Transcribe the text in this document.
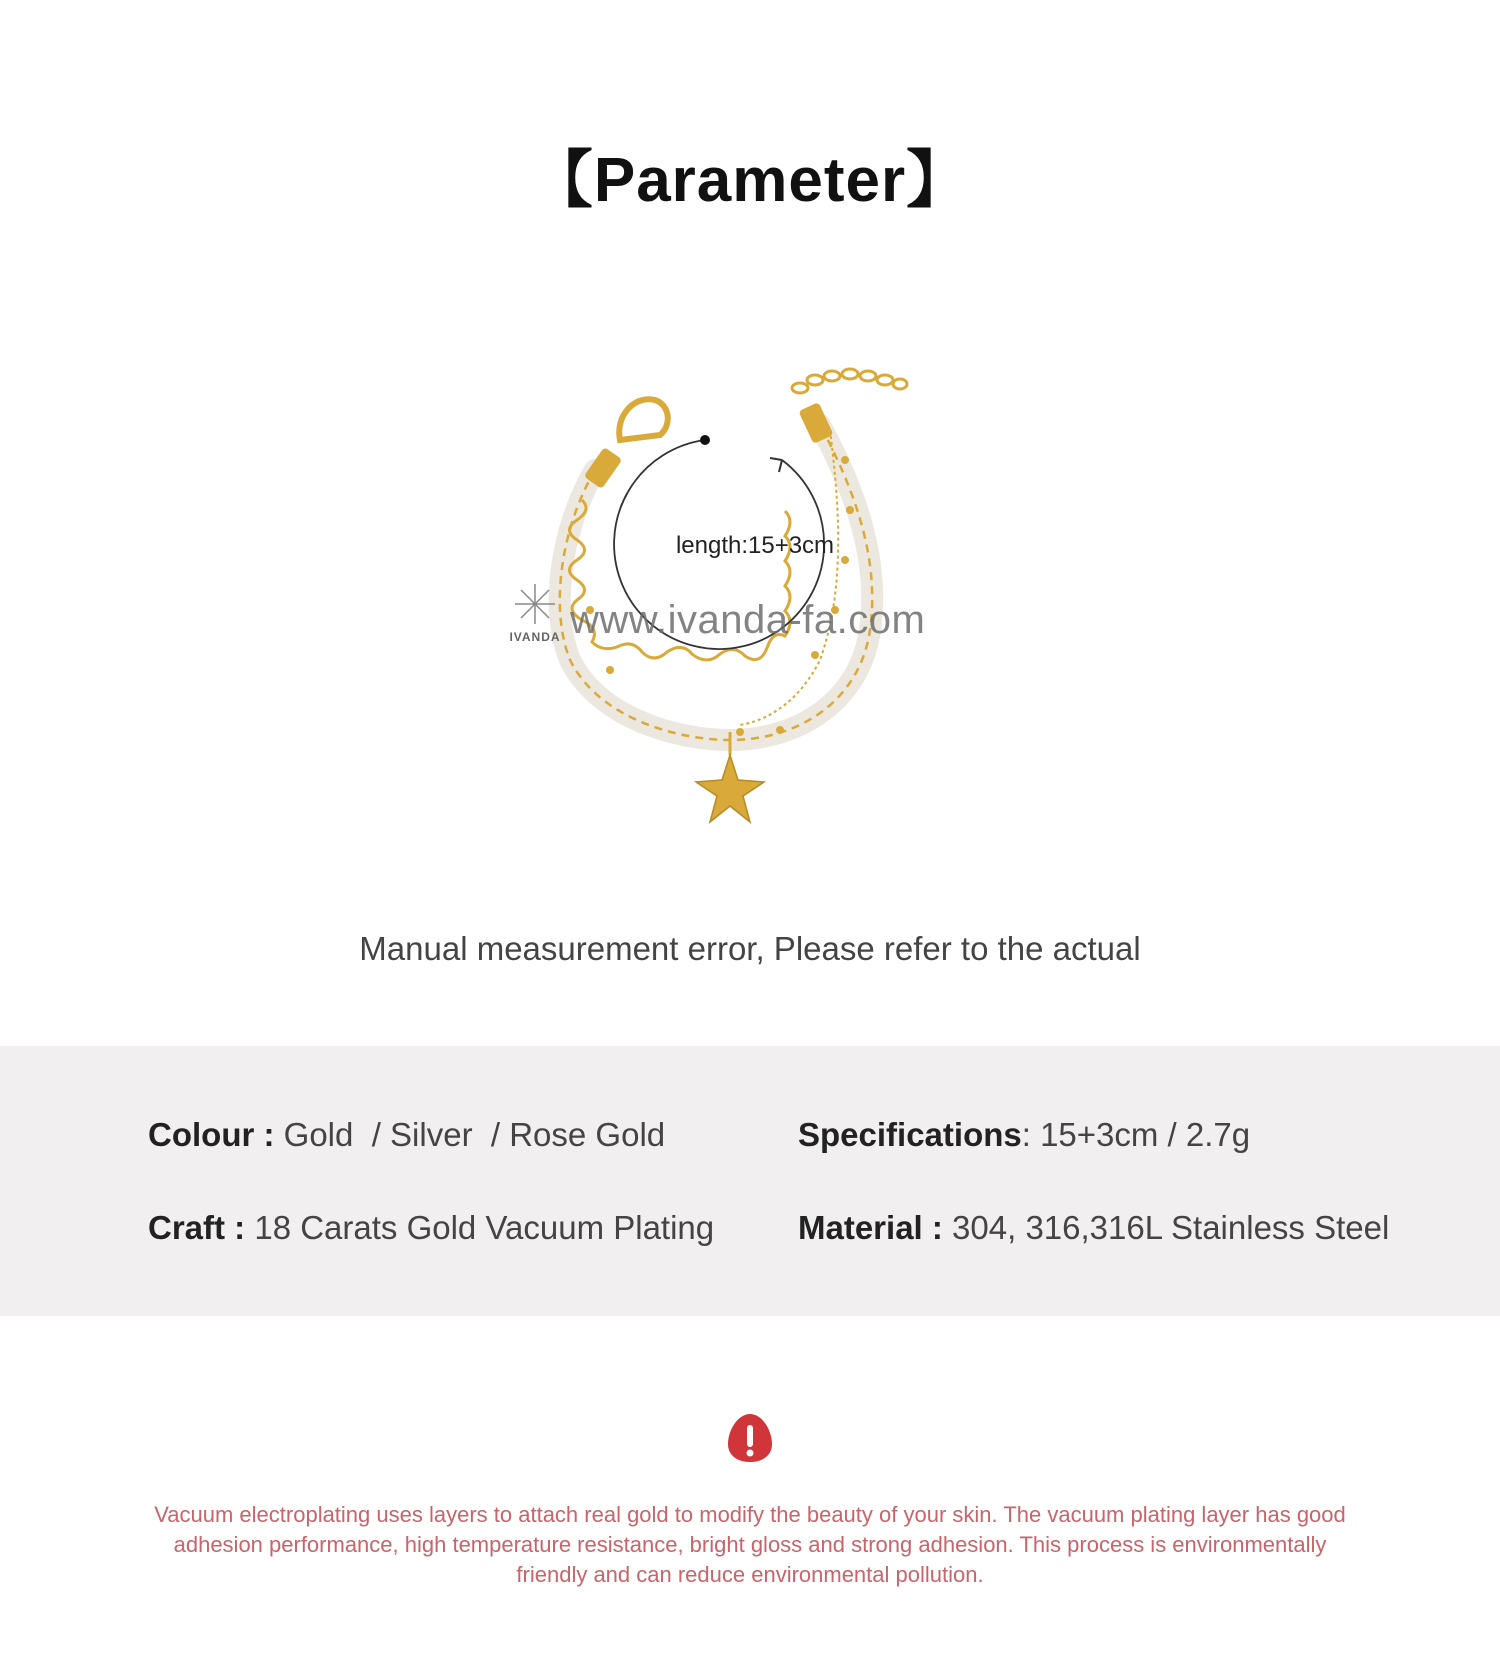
【Parameter】
length:15+3cm
IVANDA www.ivanda-fa.com
Manual measurement error, Please refer to the actual
Colour : Gold  / Silver  / Rose Gold	Specifications: 15+3cm / 2.7g
Craft : 18 Carats Gold Vacuum Plating	Material : 304, 316,316L Stainless Steel
Vacuum electroplating uses layers to attach real gold to modify the beauty of your skin. The vacuum plating layer has good adhesion performance, high temperature resistance, bright gloss and strong adhesion. This process is environmentally friendly and can reduce environmental pollution.
